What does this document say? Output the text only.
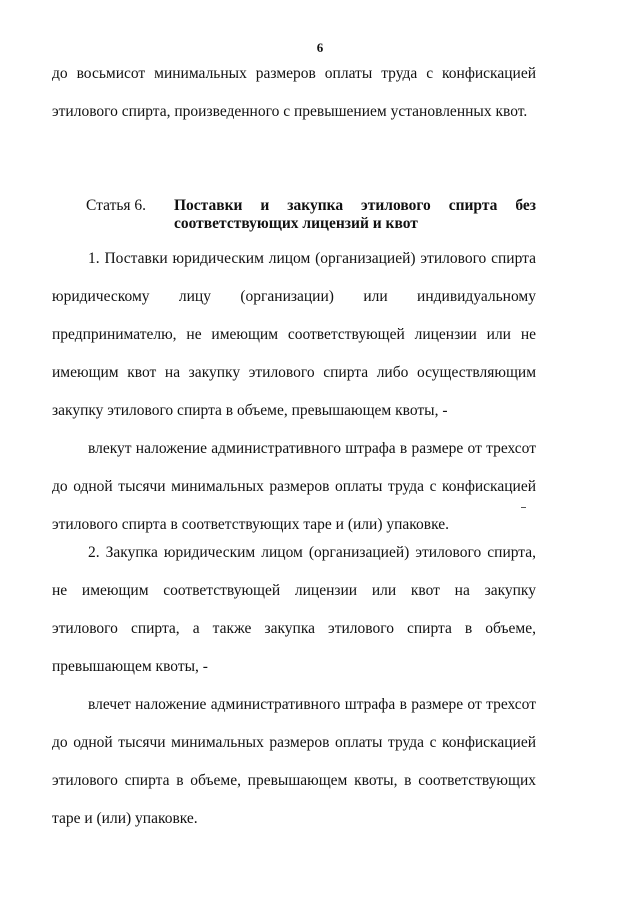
6
до восьмисот минимальных размеров оплаты труда с конфискацией
этилового спирта, произведенного с превышением установленных квот.
Статья 6. Поставки и закупка этилового спирта без
соответствующих лицензий и квот
1. Поставки юридическим лицом (организацией) этилового спирта
юридическому лицу (организации) или индивидуальному
предпринимателю, не имеющим соответствующей лицензии или не
имеющим квот на закупку этилового спирта либо осуществляющим
закупку этилового спирта в объеме, превышающем квоты, -
влекут наложение административного штрафа в размере от трехсот
до одной тысячи минимальных размеров оплаты труда с конфискацией
этилового спирта в соответствующих таре и (или) упаковке.
2. Закупка юридическим лицом (организацией) этилового спирта,
не имеющим соответствующей лицензии или квот на закупку
этилового спирта, а также закупка этилового спирта в объеме,
превышающем квоты, -
влечет наложение административного штрафа в размере от трехсот
до одной тысячи минимальных размеров оплаты труда с конфискацией
этилового спирта в объеме, превышающем квоты, в соответствующих
таре и (или) упаковке.
